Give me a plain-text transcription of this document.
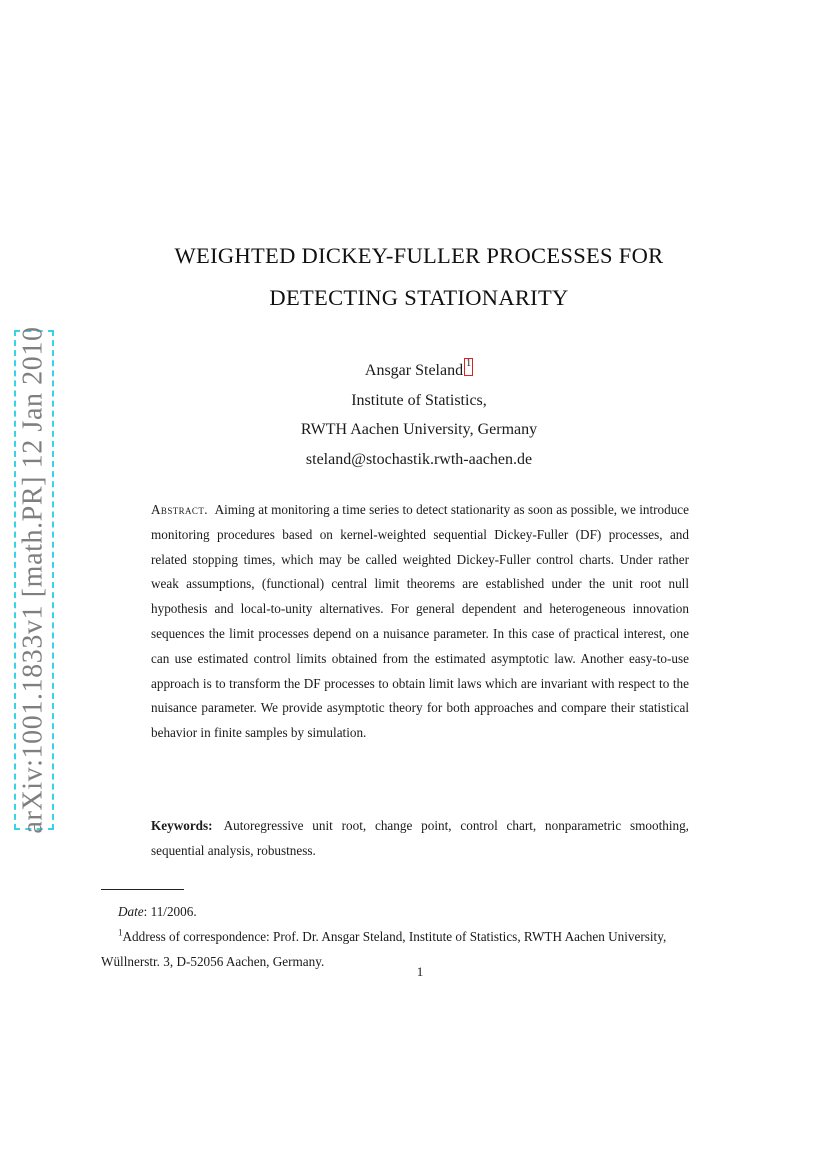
arXiv:1001.1833v1 [math.PR] 12 Jan 2010
WEIGHTED DICKEY-FULLER PROCESSES FOR
DETECTING STATIONARITY
Ansgar Steland 1
Institute of Statistics,
RWTH Aachen University, Germany
steland@stochastik.rwth-aachen.de
Abstract. Aiming at monitoring a time series to detect stationarity as soon as possible, we introduce monitoring procedures based on kernel-weighted sequential Dickey-Fuller (DF) processes, and related stopping times, which may be called weighted Dickey-Fuller control charts. Under rather weak assumptions, (functional) central limit theorems are established under the unit root null hypothesis and local-to-unity alternatives. For general dependent and heterogeneous innovation sequences the limit processes depend on a nuisance parameter. In this case of practical interest, one can use estimated control limits obtained from the estimated asymptotic law. Another easy-to-use approach is to transform the DF processes to obtain limit laws which are invariant with respect to the nuisance parameter. We provide asymptotic theory for both approaches and compare their statistical behavior in finite samples by simulation.
Keywords: Autoregressive unit root, change point, control chart, nonparametric smoothing, sequential analysis, robustness.
Date: 11/2006.
$^1$Address of correspondence: Prof. Dr. Ansgar Steland, Institute of Statistics, RWTH Aachen University,
Wüllnerstr. 3, D-52056 Aachen, Germany.
1
